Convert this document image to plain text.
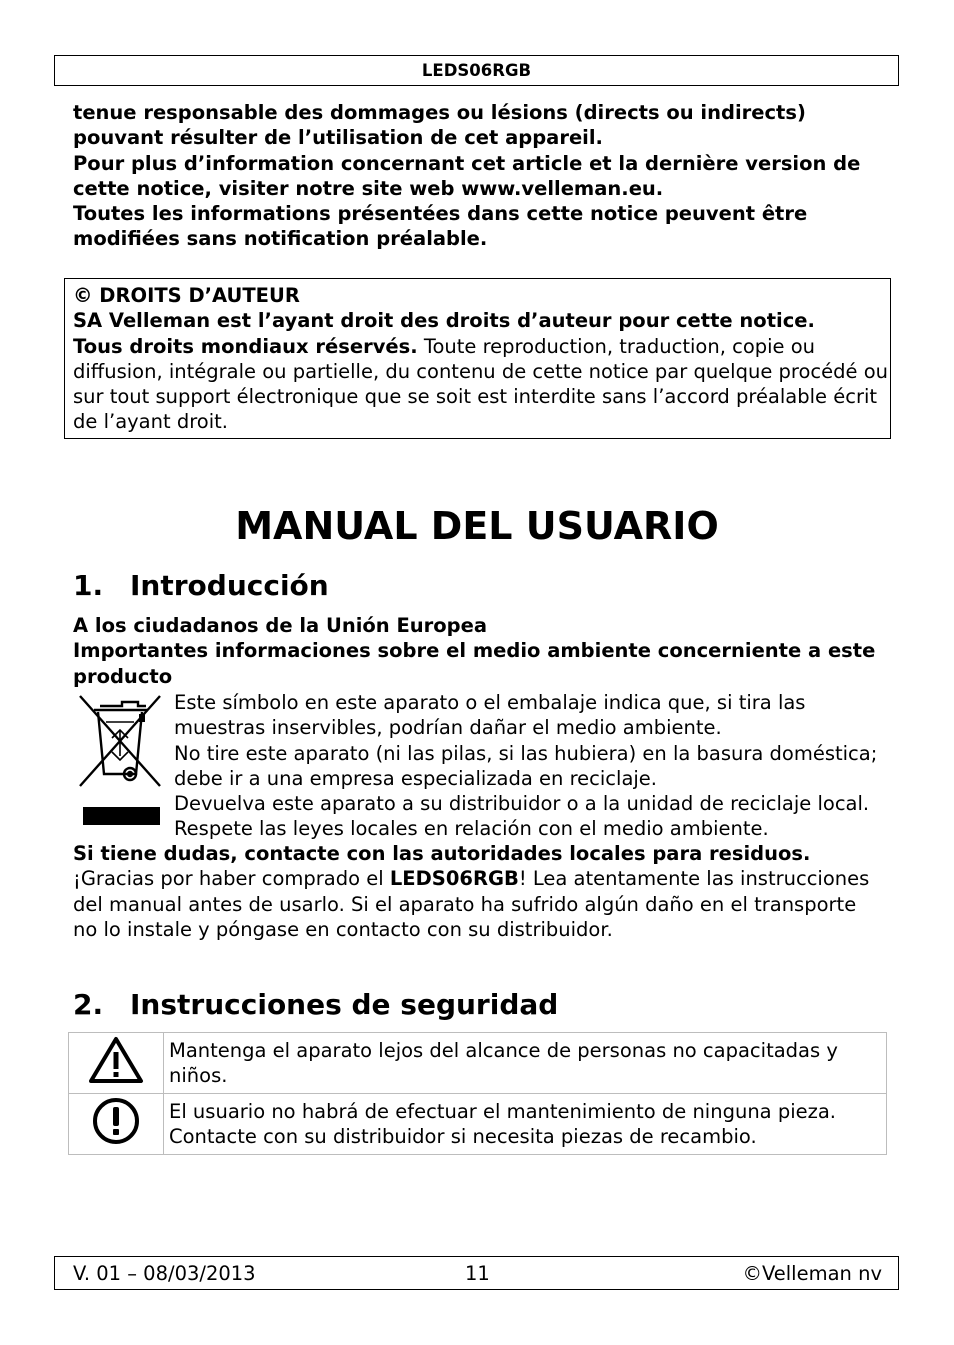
LEDS06RGB

tenue responsable des dommages ou lésions (directs ou indirects) pouvant résulter de l’utilisation de cet appareil.

Pour plus d’information concernant cet article et la dernière version de cette notice, visiter notre site web www.velleman.eu.

Toutes les informations présentées dans cette notice peuvent être modifiées sans notification préalable.

© DROITS D’AUTEUR

SA Velleman est l’ayant droit des droits d’auteur pour cette notice.

Tous droits mondiaux réservés. Toute reproduction, traduction, copie ou diffusion, intégrale ou partielle, du contenu de cette notice par quelque procédé ou sur tout support électronique que se soit est interdite sans l’accord préalable écrit de l’ayant droit.

MANUAL DEL USUARIO
1. Introducción

A los ciudadanos de la Unión Europea

Importantes informaciones sobre el medio ambiente concerniente a este producto

Este símbolo en este aparato o el embalaje indica que, si tira las muestras inservibles, podrían dañar el medio ambiente.

No tire este aparato (ni las pilas, si las hubiera) en la basura doméstica; debe ir a una empresa especializada en reciclaje.

Devuelva este aparato a su distribuidor o a la unidad de reciclaje local. Respete las leyes locales en relación con el medio ambiente.

Si tiene dudas, contacte con las autoridades locales para residuos.

¡Gracias por haber comprado el LEDS06RGB! Lea atentamente las instrucciones del manual antes de usarlo. Si el aparato ha sufrido algún daño en el transporte no lo instale y póngase en contacto con su distribuidor.

2. Instrucciones de seguridad
	Mantenga el aparato lejos del alcance de personas no capacitadas y niños.
	El usuario no habrá de efectuar el mantenimiento de ninguna pieza. Contacte con su distribuidor si necesita piezas de recambio.
V. 01 – 08/03/2013	11	©Velleman nv
